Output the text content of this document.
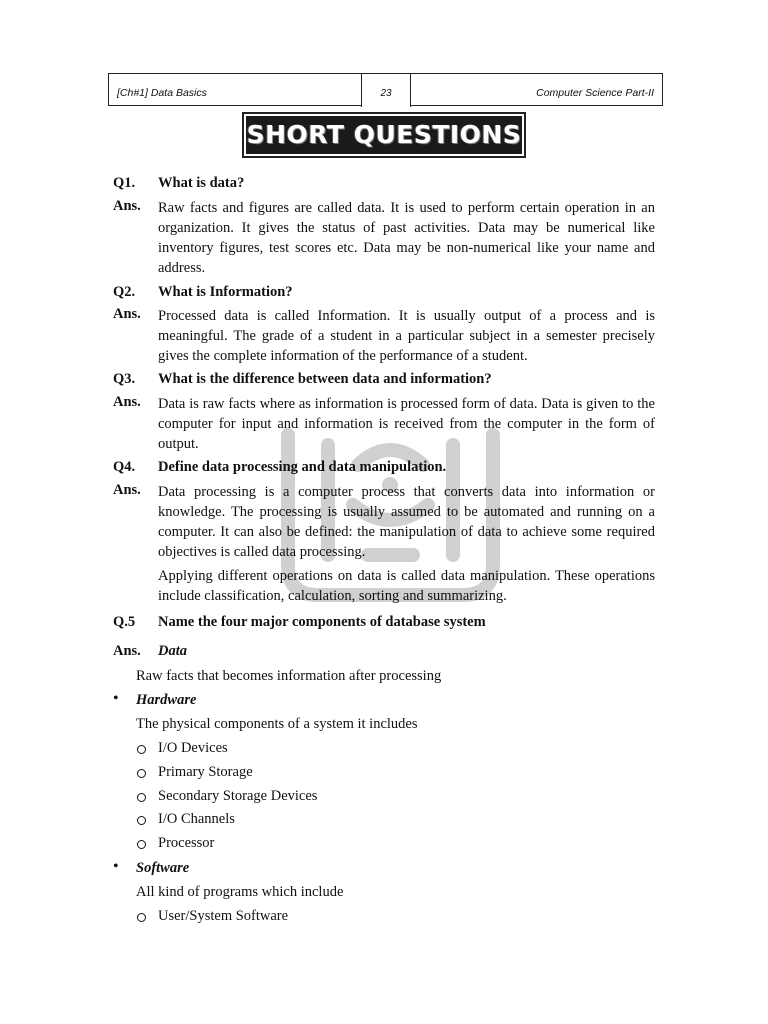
[Ch#1] Data Basics	23	Computer Science Part-II
SHORT QUESTIONS
Q1. What is data?
Ans. Raw facts and figures are called data. It is used to perform certain operation in an organization. It gives the status of past activities. Data may be numerical like inventory figures, test scores etc. Data may be non-numerical like your name and address.

Q2. What is Information?
Ans. Processed data is called Information. It is usually output of a process and is meaningful. The grade of a student in a particular subject in a semester precisely gives the complete information of the performance of a student.

Q3. What is the difference between data and information?
Ans. Data is raw facts where as information is processed form of data. Data is given to the computer for input and information is received from the computer in the form of output.

Q4. Define data processing and data manipulation.
Ans. Data processing is a computer process that converts data into information or knowledge. The processing is usually assumed to be automated and running on a computer. It can also be defined: the manipulation of data to achieve some required objectives is called data processing.

Applying different operations on data is called data manipulation. These operations include classification, calculation, sorting and summarizing.

Q.5 Name the four major components of database system
Ans. Data
Raw facts that becomes information after processing
• Hardware
The physical components of a system it includes
I/O Devices
Primary Storage
Secondary Storage Devices
I/O Channels
Processor
• Software
All kind of programs which include
User/System Software
